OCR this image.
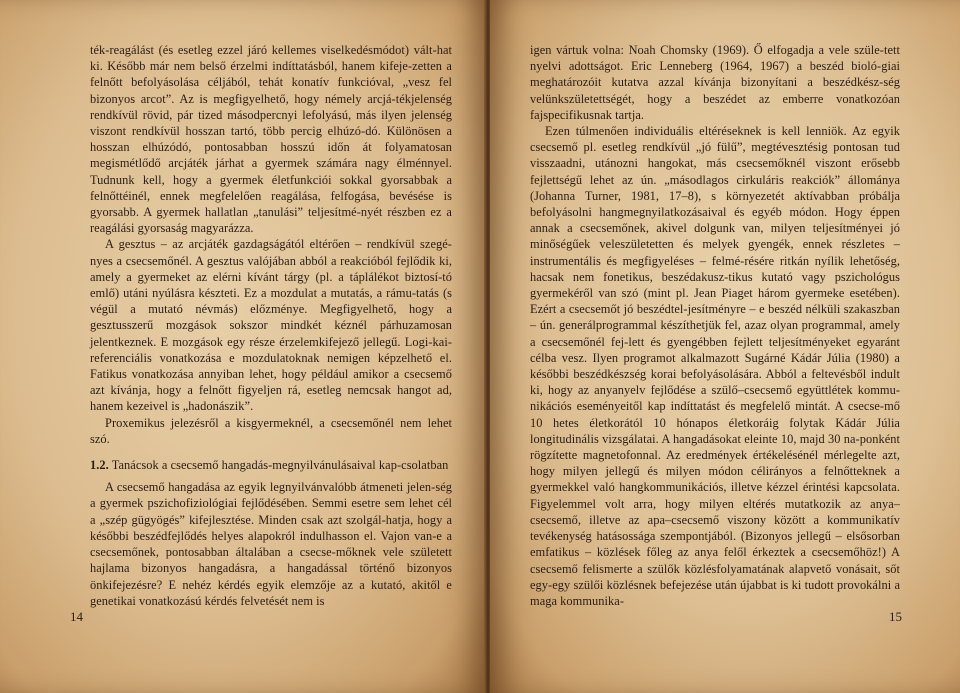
ték-reagálást (és esetleg ezzel járó kellemes viselkedésmódot) vált-hat ki. Később már nem belső érzelmi indíttatásból, hanem kifeje-zetten a felnőtt befolyásolása céljából, tehát konatív funkcióval, „vesz fel bizonyos arcot”. Az is megfigyelhető, hogy némely arcjá-tékjelenség rendkívül rövid, pár tized másodpercnyi lefolyású, más ilyen jelenség viszont rendkívül hosszan tartó, több percig elhúzó-dó. Különösen a hosszan elhúzódó, pontosabban hosszú időn át folyamatosan megismétlődő arcjáték járhat a gyermek számára nagy élménnyel. Tudnunk kell, hogy a gyermek életfunkciói sokkal gyorsabbak a felnőttéinél, ennek megfelelően reagálása, felfogása, bevésése is gyorsabb. A gyermek hallatlan „tanulási” teljesítmé-nyét részben ez a reagálási gyorsaság magyarázza.

A gesztus – az arcjáték gazdagságától eltérően – rendkívül szegé-nyes a csecsemőnél. A gesztus valójában abból a reakcióból fejlődik ki, amely a gyermeket az elérni kívánt tárgy (pl. a táplálékot biztosí-tó emlő) utáni nyúlásra készteti. Ez a mozdulat a mutatás, a rámu-tatás (s végül a mutató névmás) előzménye. Megfigyelhető, hogy a gesztusszerű mozgások sokszor mindkét kéznél párhuzamosan jelentkeznek. E mozgások egy része érzelemkifejező jellegű. Logi-kai-referenciális vonatkozása e mozdulatoknak nemigen képzelhető el. Fatikus vonatkozása annyiban lehet, hogy például amikor a csecsemő azt kívánja, hogy a felnőtt figyeljen rá, esetleg nemcsak hangot ad, hanem kezeivel is „hadonászik”.

Proxemikus jelezésről a kisgyermeknél, a csecsemőnél nem lehet szó.

1.2. Tanácsok a csecsemő hangadás-megnyilvánulásaival kap-csolatban

A csecsemő hangadása az egyik legnyilvánvalóbb átmeneti jelen-ség a gyermek pszichofiziológiai fejlődésében. Semmi esetre sem lehet cél a „szép gügyögés” kifejlesztése. Minden csak azt szolgál-hatja, hogy a későbbi beszédfejlődés helyes alapokról indulhasson el. Vajon van-e a csecsemőnek, pontosabban általában a csecse-mőknek vele született hajlama bizonyos hangadásra, a hangadással történő bizonyos önkifejezésre? E nehéz kérdés egyik elemzője az a kutató, akitől e genetikai vonatkozású kérdés felvetését nem is

14

igen vártuk volna: Noah Chomsky (1969). Ő elfogadja a vele szüle-tett nyelvi adottságot. Eric Lenneberg (1964, 1967) a beszéd bioló-giai meghatározóit kutatva azzal kívánja bizonyítani a beszédkész-ség velünkszületettségét, hogy a beszédet az emberre vonatkozóan fajspecifikusnak tartja.

Ezen túlmenően individuális eltéréseknek is kell lenniök. Az egyik csecsemő pl. esetleg rendkívül „jó fülű”, megtévesztésig pontosan tud visszaadni, utánozni hangokat, más csecsemőknél viszont erősebb fejlettségű lehet az ún. „másodlagos cirkuláris reakciók” állománya (Johanna Turner, 1981, 17–8), s környezetét aktívabban próbálja befolyásolni hangmegnyilatkozásaival és egyéb módon. Hogy éppen annak a csecsemőnek, akivel dolgunk van, milyen teljesítményei jó minőségűek veleszületetten és melyek gyengék, ennek részletes – instrumentális és megfigyeléses – felmé-résére ritkán nyílik lehetőség, hacsak nem fonetikus, beszédakusz-tikus kutató vagy pszichológus gyermekéről van szó (mint pl. Jean Piaget három gyermeke esetében). Ezért a csecsemőt jó beszédtel-jesítményre – e beszéd nélküli szakaszban – ún. generálprogrammal készíthetjük fel, azaz olyan programmal, amely a csecsemőnél fej-lett és gyengébben fejlett teljesítményeket egyaránt célba vesz. Ilyen programot alkalmazott Sugárné Kádár Júlia (1980) a későbbi beszédkészség korai befolyásolására. Abból a feltevésből indult ki, hogy az anyanyelv fejlődése a szülő–csecsemő együttlétek kommu-nikációs eseményeitől kap indíttatást és megfelelő mintát. A csecse-mő 10 hetes életkorától 10 hónapos életkoráig folytak Kádár Júlia longitudinális vizsgálatai. A hangadásokat eleinte 10, majd 30 na-ponként rögzítette magnetofonnal. Az eredmények értékelésénél mérlegelte azt, hogy milyen jellegű és milyen módon célirányos a felnőtteknek a gyermekkel való hangkommunikációs, illetve kézzel érintési kapcsolata. Figyelemmel volt arra, hogy milyen eltérés mutatkozik az anya–csecsemő, illetve az apa–csecsemő viszony között a kommunikatív tevékenység hatásossága szempontjából. (Bizonyos jellegű – elsősorban emfatikus – közlések főleg az anya felől érkeztek a csecsemőhöz!) A csecsemő felismerte a szülők közlésfolyamatának alapvető vonásait, sőt egy-egy szülői közlésnek befejezése után újabbat is ki tudott provokálni a maga kommunika-

15
